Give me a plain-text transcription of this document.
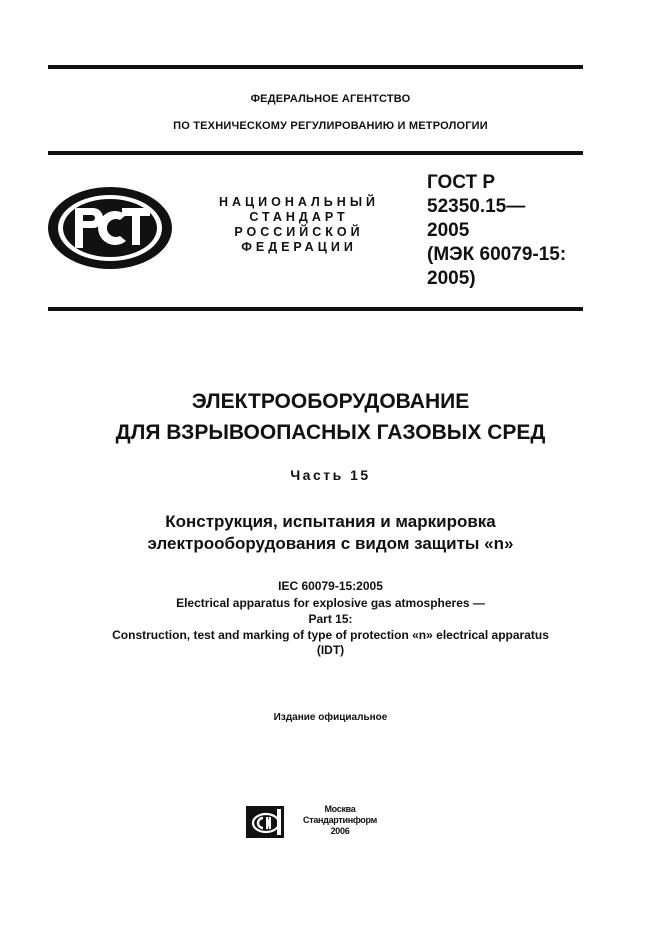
ФЕДЕРАЛЬНОЕ АГЕНТСТВО
ПО ТЕХНИЧЕСКОМУ РЕГУЛИРОВАНИЮ И МЕТРОЛОГИИ
НАЦИОНАЛЬНЫЙ
СТАНДАРТ
РОССИЙСКОЙ
ФЕДЕРАЦИИ
ГОСТ Р
52350.15—
2005
(МЭК 60079-15:
2005)
ЭЛЕКТРООБОРУДОВАНИЕ
ДЛЯ ВЗРЫВООПАСНЫХ ГАЗОВЫХ СРЕД
Часть 15
Конструкция, испытания и маркировка
электрооборудования с видом защиты «n»
IEC 60079-15:2005
Electrical apparatus for explosive gas atmospheres —
Part 15:
Construction, test and marking of type of protection «n» electrical apparatus
(IDT)
Издание официальное
Москва
Стандартинформ
2006
